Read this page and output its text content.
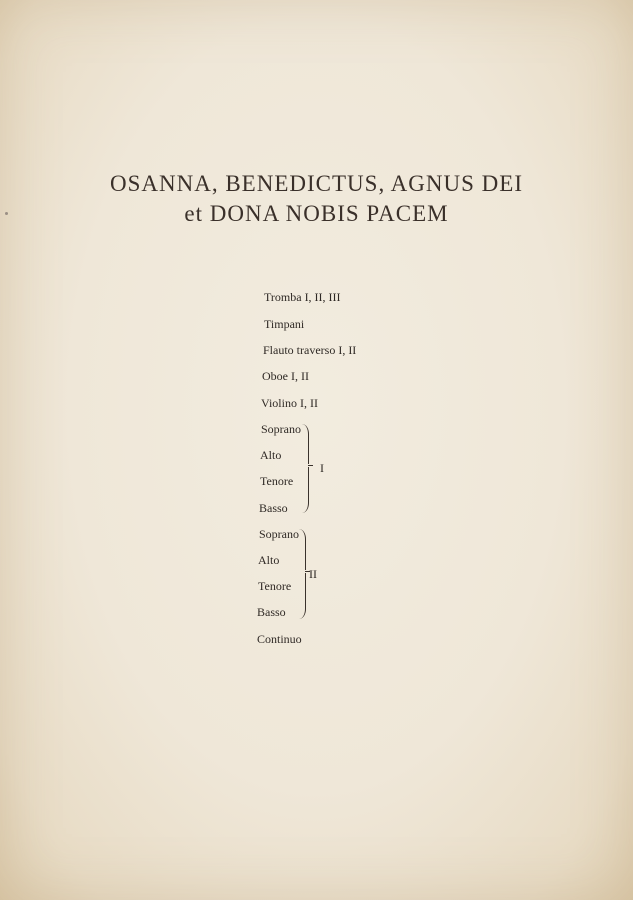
OSANNA, BENEDICTUS, AGNUS DEI
et DONA NOBIS PACEM
Tromba I, II, III
Timpani
Flauto traverso I, II
Oboe I, II
Violino I, II
Soprano
Alto
Tenore
Basso
I
Soprano
Alto
Tenore
Basso
II
Continuo
